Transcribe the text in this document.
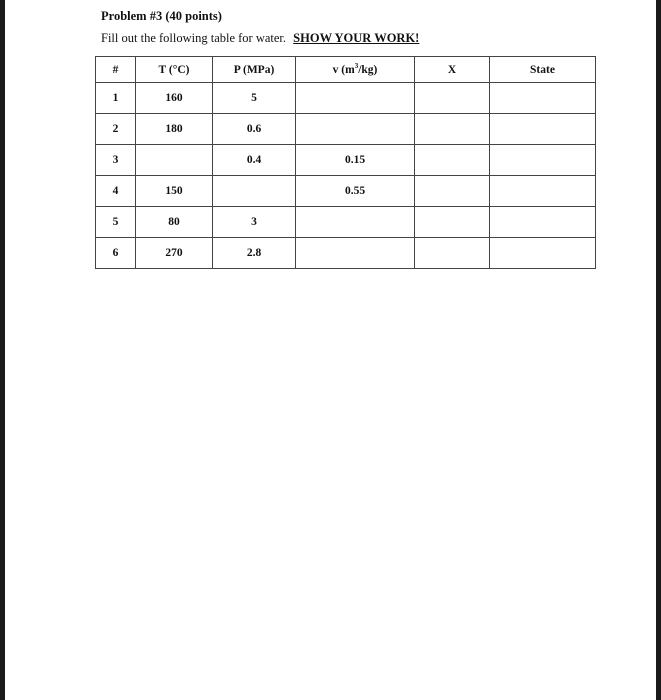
Problem #3 (40 points)
Fill out the following table for water. SHOW YOUR WORK!
#	T (°C)	P (MPa)	v $(m^3/kg)$	X	State
1	160	5			
2	180	0.6			
3		0.4	0.15		
4	150		0.55		
5	80	3			
6	270	2.8			
